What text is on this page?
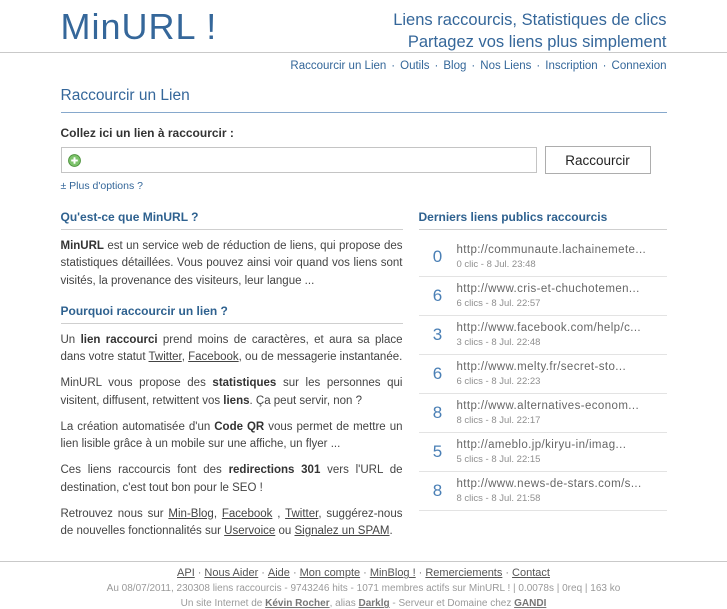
MinURL !	Liens raccourcis, Statistiques de clics
Partagez vos liens plus simplement
Raccourcir un Lien · Outils · Blog · Nos Liens · Inscription · Connexion
Raccourcir un Lien
Collez ici un lien à raccourcir :
Raccourcir
± Plus d'options ?
Qu'est-ce que MinURL ?

MinURL est un service web de réduction de liens, qui propose des statistiques détaillées. Vous pouvez ainsi voir quand vos liens sont visités, la provenance des visiteurs, leur langue ...

Pourquoi raccourcir un lien ?

Un lien raccourci prend moins de caractères, et aura sa place dans votre statut Twitter, Facebook, ou de messagerie instantanée.

MinURL vous propose des statistiques sur les personnes qui visitent, diffusent, retwittent vos liens. Ça peut servir, non ?

La création automatisée d'un Code QR vous permet de mettre un lien lisible grâce à un mobile sur une affiche, un flyer ...

Ces liens raccourcis font des redirections 301 vers l'URL de destination, c'est tout bon pour le SEO !

Retrouvez nous sur Min-Blog, Facebook , Twitter, suggérez-nous de nouvelles fonctionnalités sur Uservoice ou Signalez un SPAM.

Derniers liens publics raccourcis
0	http://communaute.lachainemete...
0 clic - 8 Jul. 23:48
6	http://www.cris-et-chuchotemen...
6 clics - 8 Jul. 22:57
3	http://www.facebook.com/help/c...
3 clics - 8 Jul. 22:48
6	http://www.melty.fr/secret-sto...
6 clics - 8 Jul. 22:23
8	http://www.alternatives-econom...
8 clics - 8 Jul. 22:17
5	http://ameblo.jp/kiryu-in/imag...
5 clics - 8 Jul. 22:15
8	http://www.news-de-stars.com/s...
8 clics - 8 Jul. 21:58
API · Nous Aider · Aide · Mon compte · MinBlog ! · Remerciements · Contact
Au 08/07/2011, 230308 liens raccourcis - 9743246 hits - 1071 membres actifs sur MinURL ! | 0.0078s | 0req | 163 ko
Un site Internet de Kévin Rocher, alias Darklg - Serveur et Domaine chez GANDI
